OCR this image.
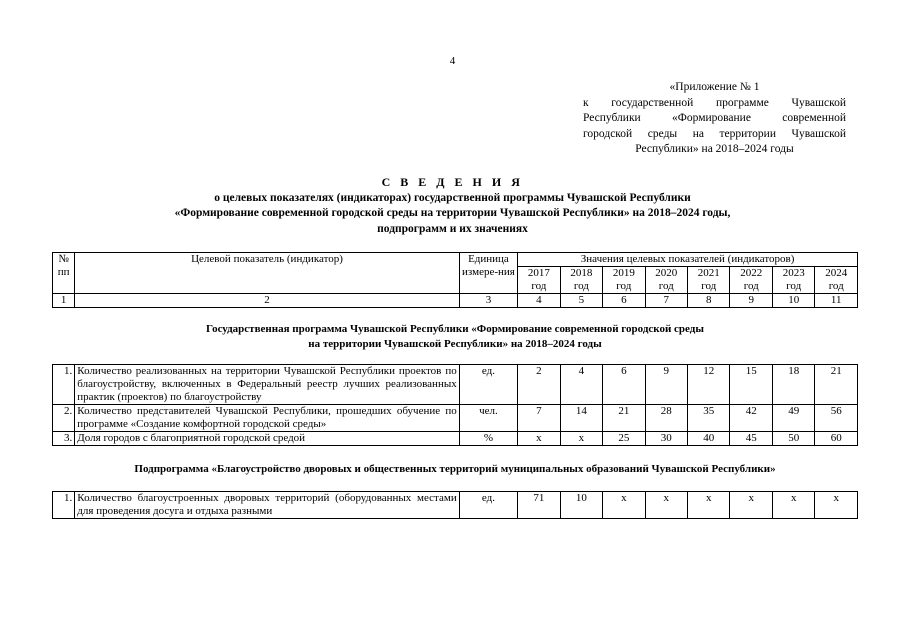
4
«Приложение № 1
к государственной программе Чувашской
Республики «Формирование современной
городской среды на территории Чувашской
Республики» на 2018–2024 годы
С В Е Д Е Н И Я
о целевых показателях (индикаторах) государственной программы Чувашской Республики
«Формирование современной городской среды на территории Чувашской Республики» на 2018–2024 годы,
подпрограмм и их значениях
№ пп	Целевой показатель (индикатор)	Единица измере-ния	Значения целевых показателей (индикаторов)							
			2017 год	2018 год	2019 год	2020 год	2021 год	2022 год	2023 год	2024 год
1	2	3	4	5	6	7	8	9	10	11

Государственная программа Чувашской Республики «Формирование современной городской среды
на территории Чувашской Республики» на 2018–2024 годы										

1.	Количество реализованных на территории Чувашской Республики проектов по благоустройству, включенных в Федеральный реестр лучших реализованных практик (проектов) по благоустройству	ед.	2	4	6	9	12	15	18	21
2.	Количество представителей Чувашской Республики, прошедших обучение по программе «Создание комфортной городской среды»	чел.	7	14	21	28	35	42	49	56
3.	Доля городов с благоприятной городской средой	%	х	х	25	30	40	45	50	60

Подпрограмма «Благоустройство дворовых и общественных территорий муниципальных образований Чувашской Республики»										

1.	Количество благоустроенных дворовых территорий (оборудованных местами для проведения досуга и отдыха разными	ед.	71	10	х	х	х	х	х	х
